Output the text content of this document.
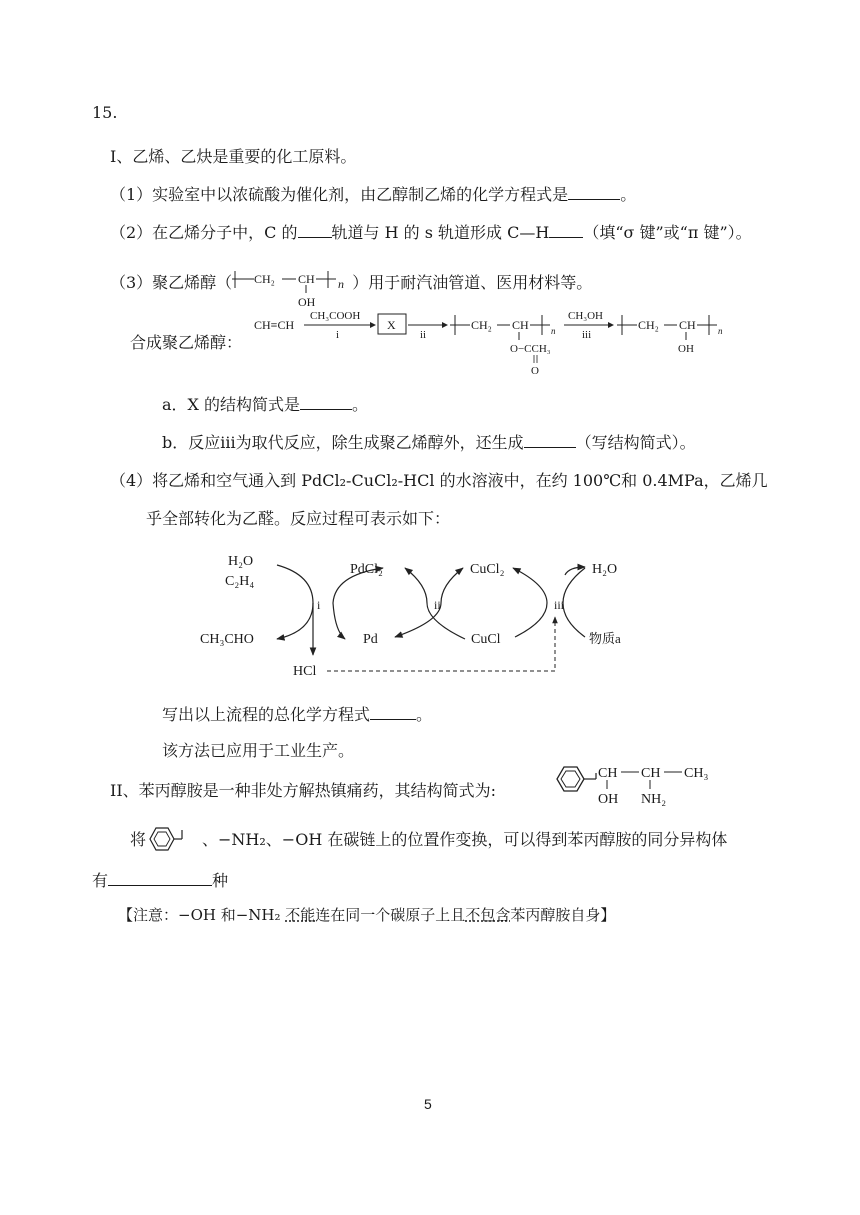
15.
I、乙烯、乙炔是重要的化工原料。
（1）实验室中以浓硫酸为催化剂，由乙醇制乙烯的化学方程式是	。
（2）在乙烯分子中，C 的 轨道与 H 的 s 轨道形成 C—H （填“σ 键”或“π 键”）。
（3）聚乙烯醇（ CH₂ CH
OH
n ）用于耐汽油管道、医用材料等。
合成聚乙烯醇：
CH≡CH
CH₃COOH
i
X
ii
CH₂ CH n
O−CCH₃
O
CH₃OH
iii
CH₂ CH n
OH
a．X 的结构简式是	。
b．反应iii为取代反应，除生成聚乙烯醇外，还生成	（写结构简式）。
（4）将乙烯和空气通入到 PdCl₂-CuCl₂-HCl 的水溶液中，在约 100℃和 0.4MPa，乙烯几
乎全部转化为乙醛。反应过程可表示如下：
H₂O
C₂H₄
PdCl₂	CuCl₂	H₂O
CH₃CHO	Pd	CuCl	物质a
HCl
i	ii	iii
写出以上流程的总化学方程式	。
该方法已应用于工业生产。
II、苯丙醇胺是一种非处方解热镇痛药，其结构简式为:
CH CH CH₃
OH NH₂
将	、−NH₂、−OH 在碳链上的位置作变换，可以得到苯丙醇胺的同分异构体
有	种
【注意：−OH 和−NH₂ 不能连在同一个碳原子上且不包含苯丙醇胺自身】
5
